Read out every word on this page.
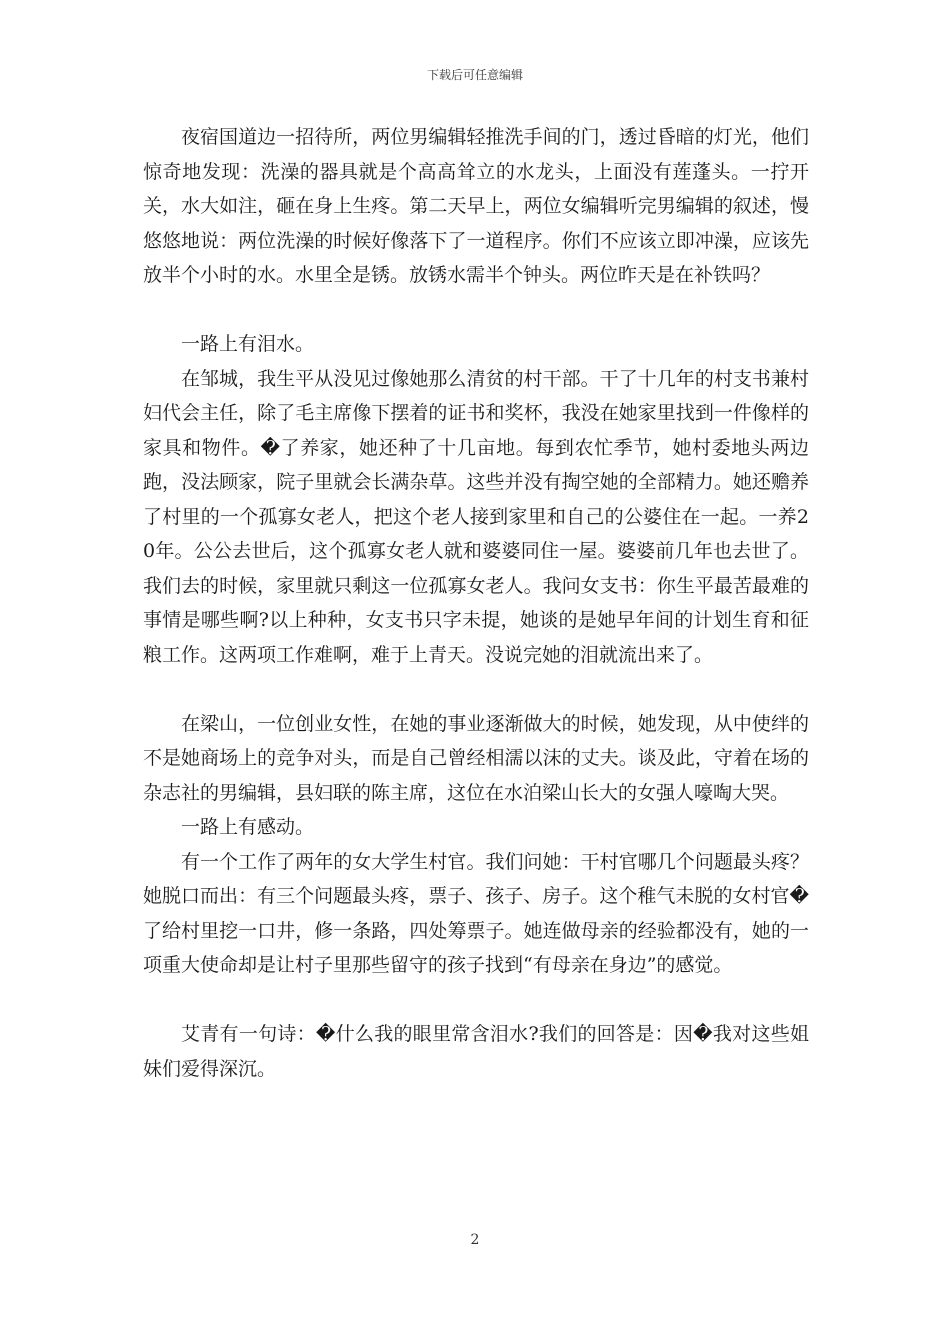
下载后可任意编辑

夜宿国道边一招待所，两位男编辑轻推洗手间的门，透过昏暗的灯光，他们惊奇地发现：洗澡的器具就是个高高耸立的水龙头，上面没有莲蓬头。一拧开关，水大如注，砸在身上生疼。第二天早上，两位女编辑听完男编辑的叙述，慢悠悠地说：两位洗澡的时候好像落下了一道程序。你们不应该立即冲澡，应该先放半个小时的水。水里全是锈。放锈水需半个钟头。两位昨天是在补铁吗？

一路上有泪水。

在邹城，我生平从没见过像她那么清贫的村干部。干了十几年的村支书兼村妇代会主任，除了毛主席像下摆着的证书和奖杯，我没在她家里找到一件像样的家具和物件。�了养家，她还种了十几亩地。每到农忙季节，她村委地头两边跑，没法顾家，院子里就会长满杂草。这些并没有掏空她的全部精力。她还赡养了村里的一个孤寡女老人，把这个老人接到家里和自己的公婆住在一起。一养20年。公公去世后，这个孤寡女老人就和婆婆同住一屋。婆婆前几年也去世了。我们去的时候，家里就只剩这一位孤寡女老人。我问女支书：你生平最苦最难的事情是哪些啊?以上种种，女支书只字未提，她谈的是她早年间的计划生育和征粮工作。这两项工作难啊，难于上青天。没说完她的泪就流出来了。

在梁山，一位创业女性，在她的事业逐渐做大的时候，她发现，从中使绊的不是她商场上的竞争对头，而是自己曾经相濡以沫的丈夫。谈及此，守着在场的杂志社的男编辑，县妇联的陈主席，这位在水泊梁山长大的女强人嚎啕大哭。

一路上有感动。

有一个工作了两年的女大学生村官。我们问她：干村官哪几个问题最头疼？她脱口而出：有三个问题最头疼，票子、孩子、房子。这个稚气未脱的女村官�了给村里挖一口井，修一条路，四处筹票子。她连做母亲的经验都没有，她的一项重大使命却是让村子里那些留守的孩子找到“有母亲在身边”的感觉。

艾青有一句诗：�什么我的眼里常含泪水?我们的回答是：因�我对这些姐妹们爱得深沉。

2
